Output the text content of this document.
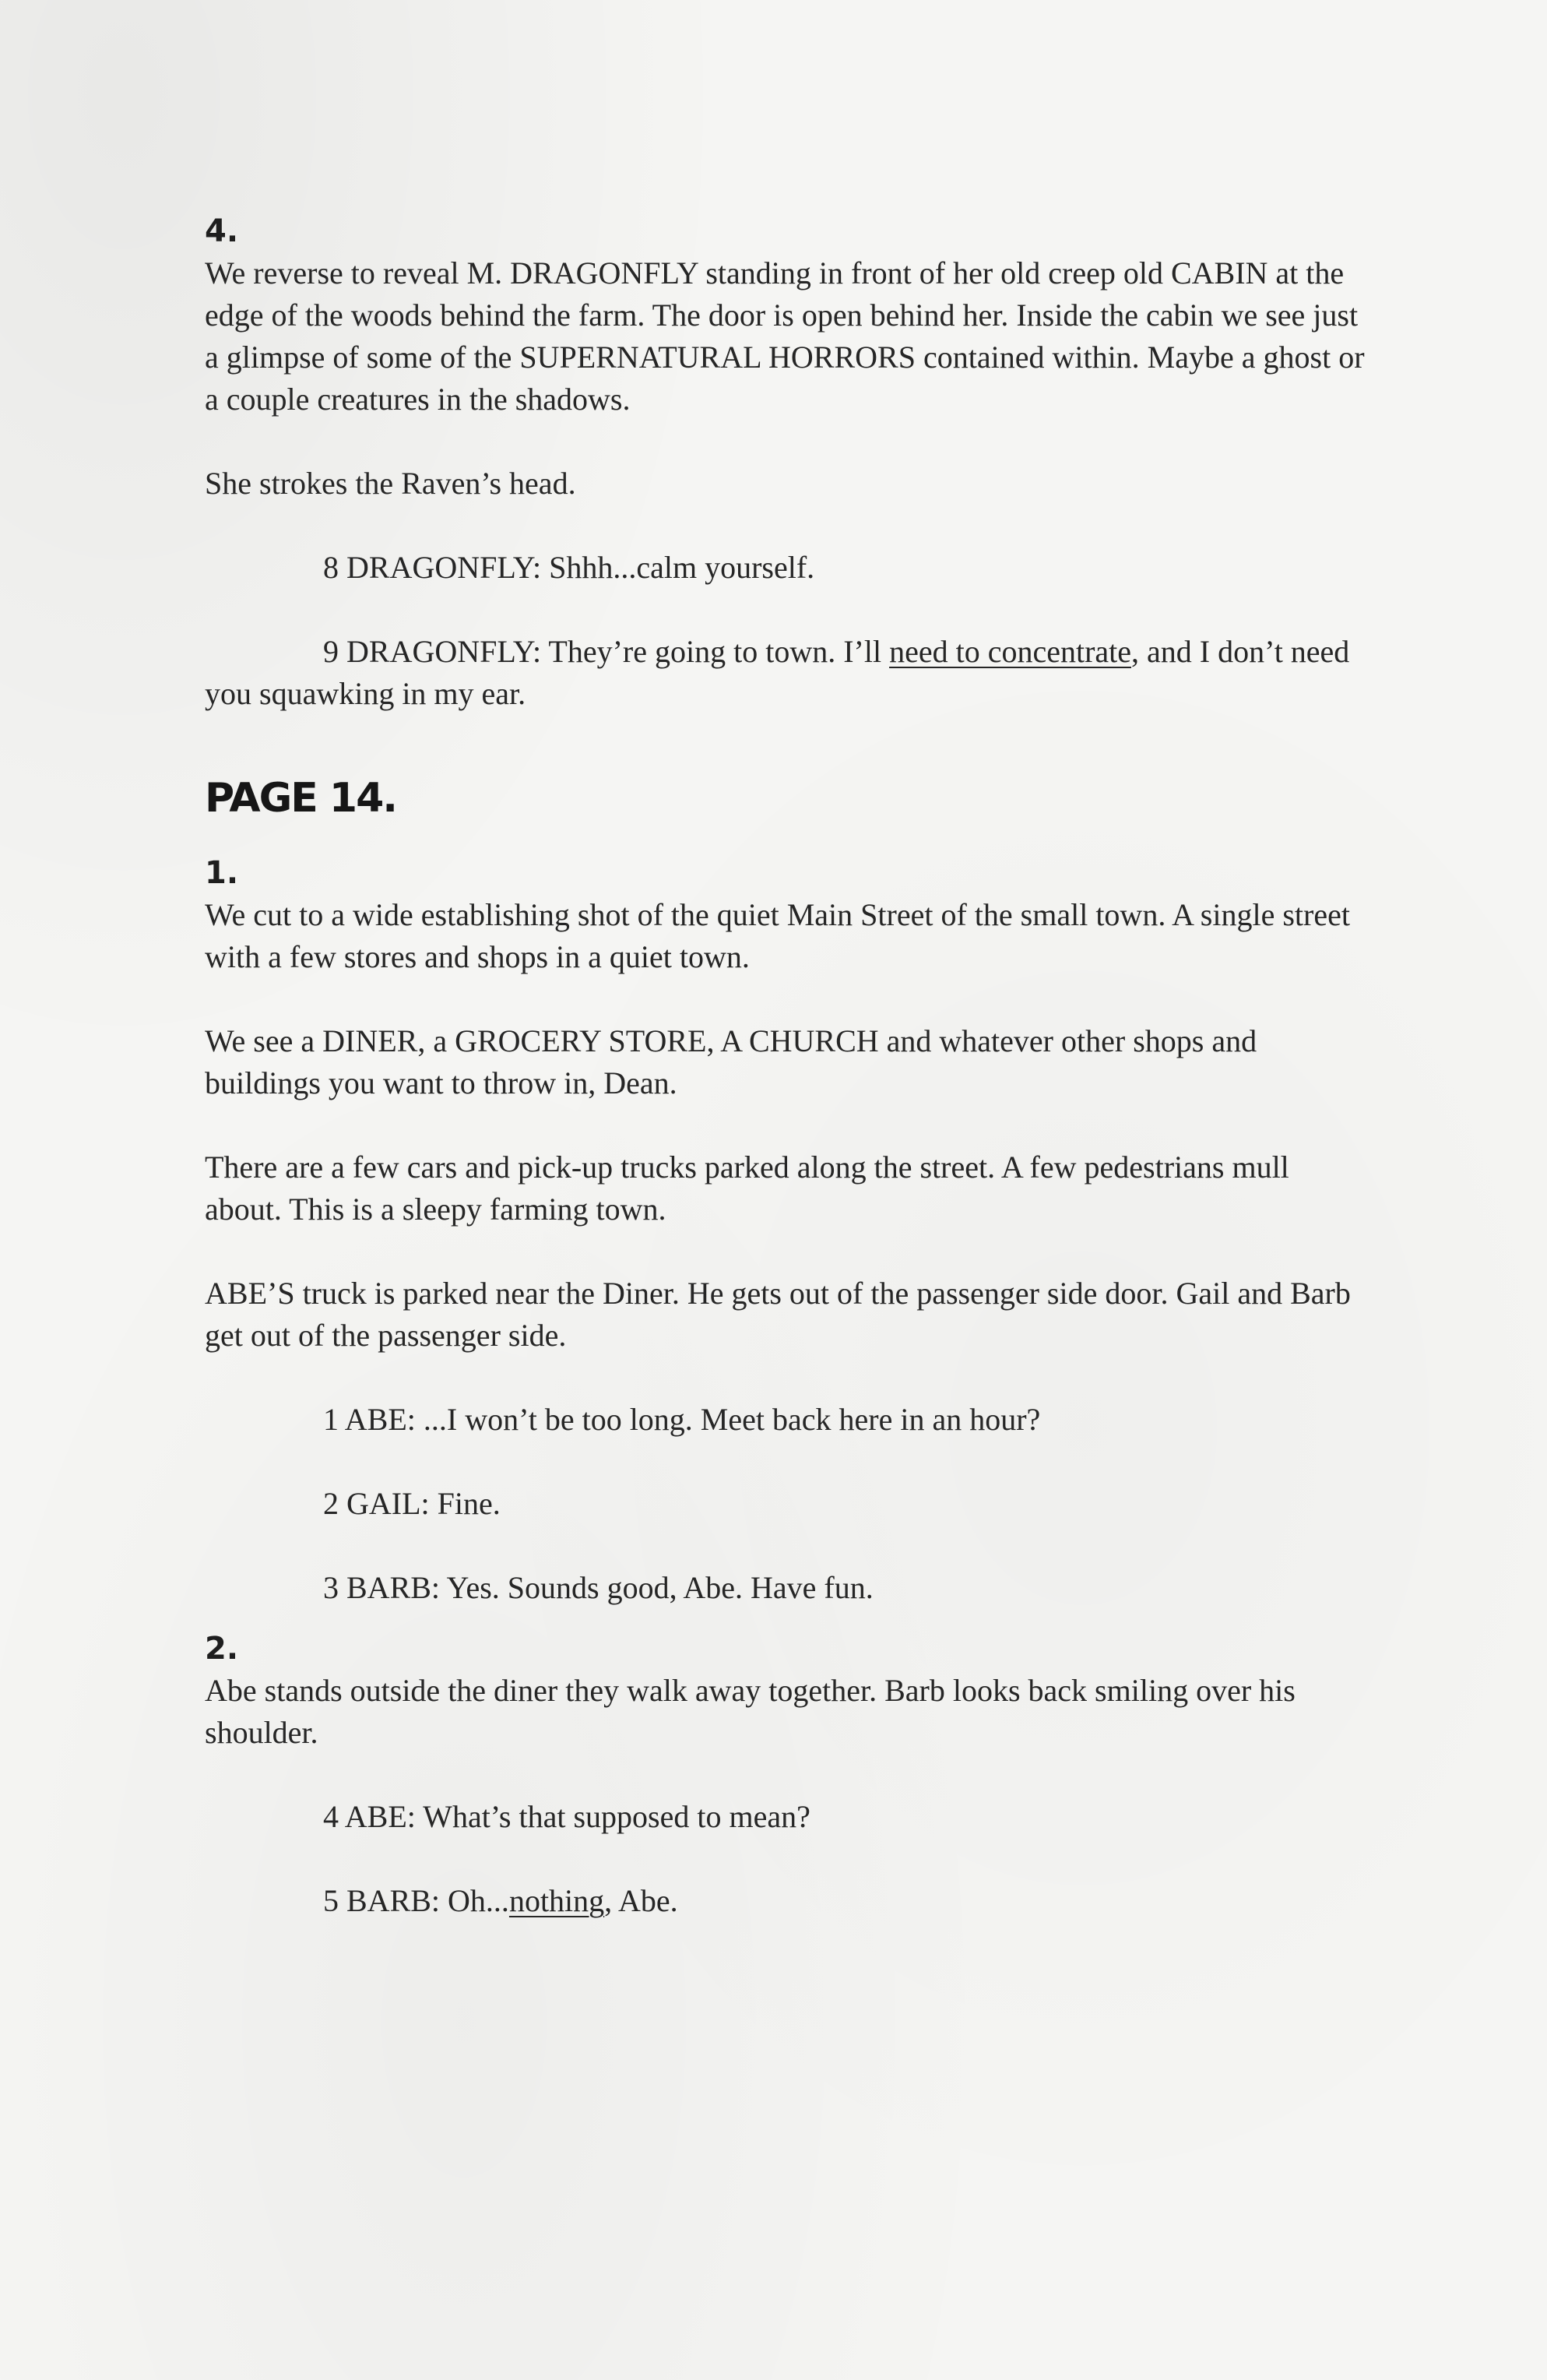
4.

We reverse to reveal M. DRAGONFLY standing in front of her old creep old CABIN at the edge of the woods behind the farm. The door is open behind her. Inside the cabin we see just a glimpse of some of the SUPERNATURAL HORRORS contained within. Maybe a ghost or a couple creatures in the shadows.

She strokes the Raven’s head.

8 DRAGONFLY: Shhh...calm yourself.

9 DRAGONFLY: They’re going to town. I’ll need to concentrate, and I don’t need you squawking in my ear.

PAGE 14.
1.

We cut to a wide establishing shot of the quiet Main Street of the small town. A single street with a few stores and shops in a quiet town.

We see a DINER, a GROCERY STORE, A CHURCH and whatever other shops and buildings you want to throw in, Dean.

There are a few cars and pick-up trucks parked along the street. A few pedestrians mull about. This is a sleepy farming town.

ABE’S truck is parked near the Diner. He gets out of the passenger side door. Gail and Barb get out of the passenger side.

1 ABE: ...I won’t be too long. Meet back here in an hour?

2 GAIL: Fine.

3 BARB: Yes. Sounds good, Abe. Have fun.

2.

Abe stands outside the diner they walk away together. Barb looks back smiling over his shoulder.

4 ABE: What’s that supposed to mean?

5 BARB: Oh...nothing, Abe.
